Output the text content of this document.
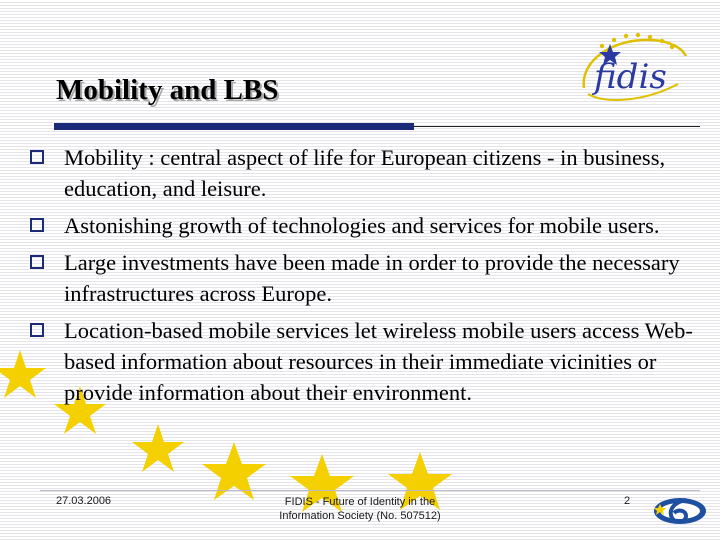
Mobility and LBS	fidis
Mobility : central aspect of life for European citizens - in business, education, and leisure.
Astonishing growth of technologies and services for mobile users.
Large investments have been made in order to provide the necessary infrastructures across Europe.
Location-based mobile services let wireless mobile users access Web-based information about resources in their immediate vicinities or provide information about their environment.
27.03.2006	FIDIS - Future of Identity in the
Information Society (No. 507512)
2
